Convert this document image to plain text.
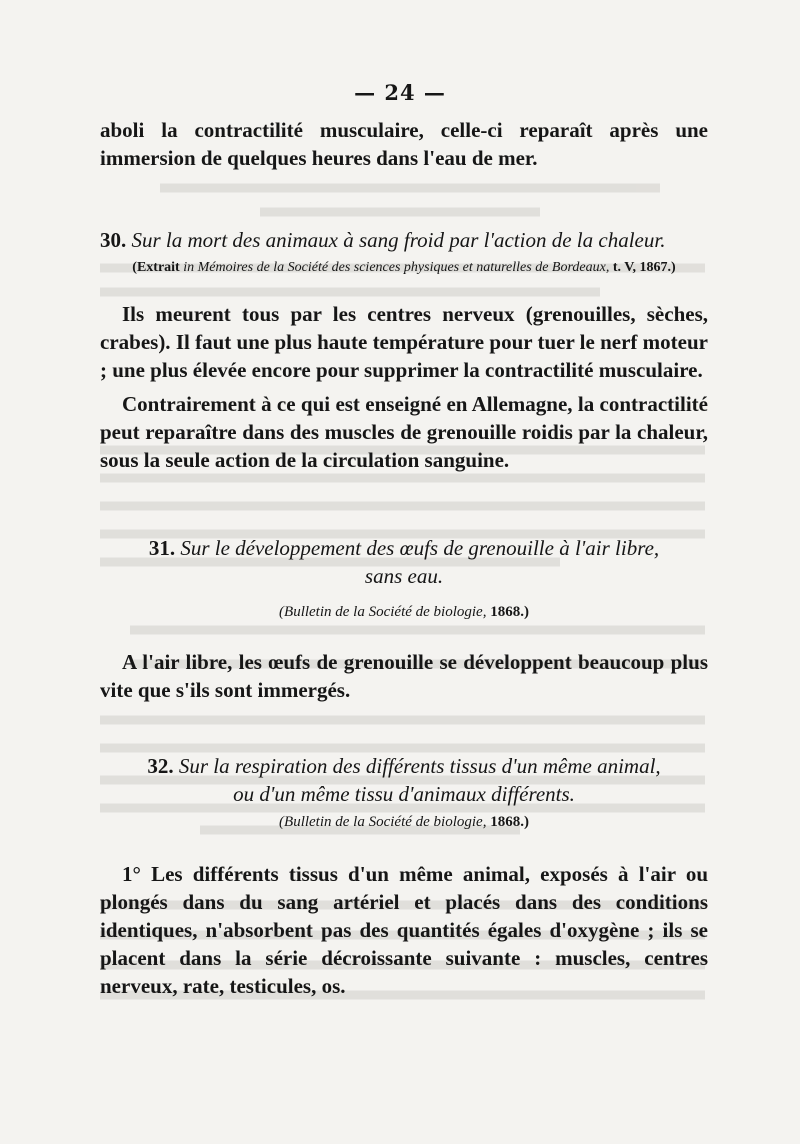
— 24 —

aboli la contractilité musculaire, celle-ci reparaît après une immersion de quelques heures dans l'eau de mer.

30. Sur la mort des animaux à sang froid par l'action de la chaleur.

(Extrait in Mémoires de la Société des sciences physiques et naturelles de Bordeaux, t. V, 1867.)

Ils meurent tous par les centres nerveux (grenouilles, sèches, crabes). Il faut une plus haute température pour tuer le nerf moteur ; une plus élevée encore pour supprimer la contractilité musculaire.

Contrairement à ce qui est enseigné en Allemagne, la contractilité peut reparaître dans des muscles de grenouille roidis par la chaleur, sous la seule action de la circulation sanguine.

31. Sur le développement des œufs de grenouille à l'air libre,

sans eau.

(Bulletin de la Société de biologie, 1868.)

A l'air libre, les œufs de grenouille se développent beaucoup plus vite que s'ils sont immergés.

32. Sur la respiration des différents tissus d'un même animal,

ou d'un même tissu d'animaux différents.

(Bulletin de la Société de biologie, 1868.)

1° Les différents tissus d'un même animal, exposés à l'air ou plongés dans du sang artériel et placés dans des conditions identiques, n'absorbent pas des quantités égales d'oxygène ; ils se placent dans la série décroissante suivante : muscles, centres nerveux, rate, testicules, os.
